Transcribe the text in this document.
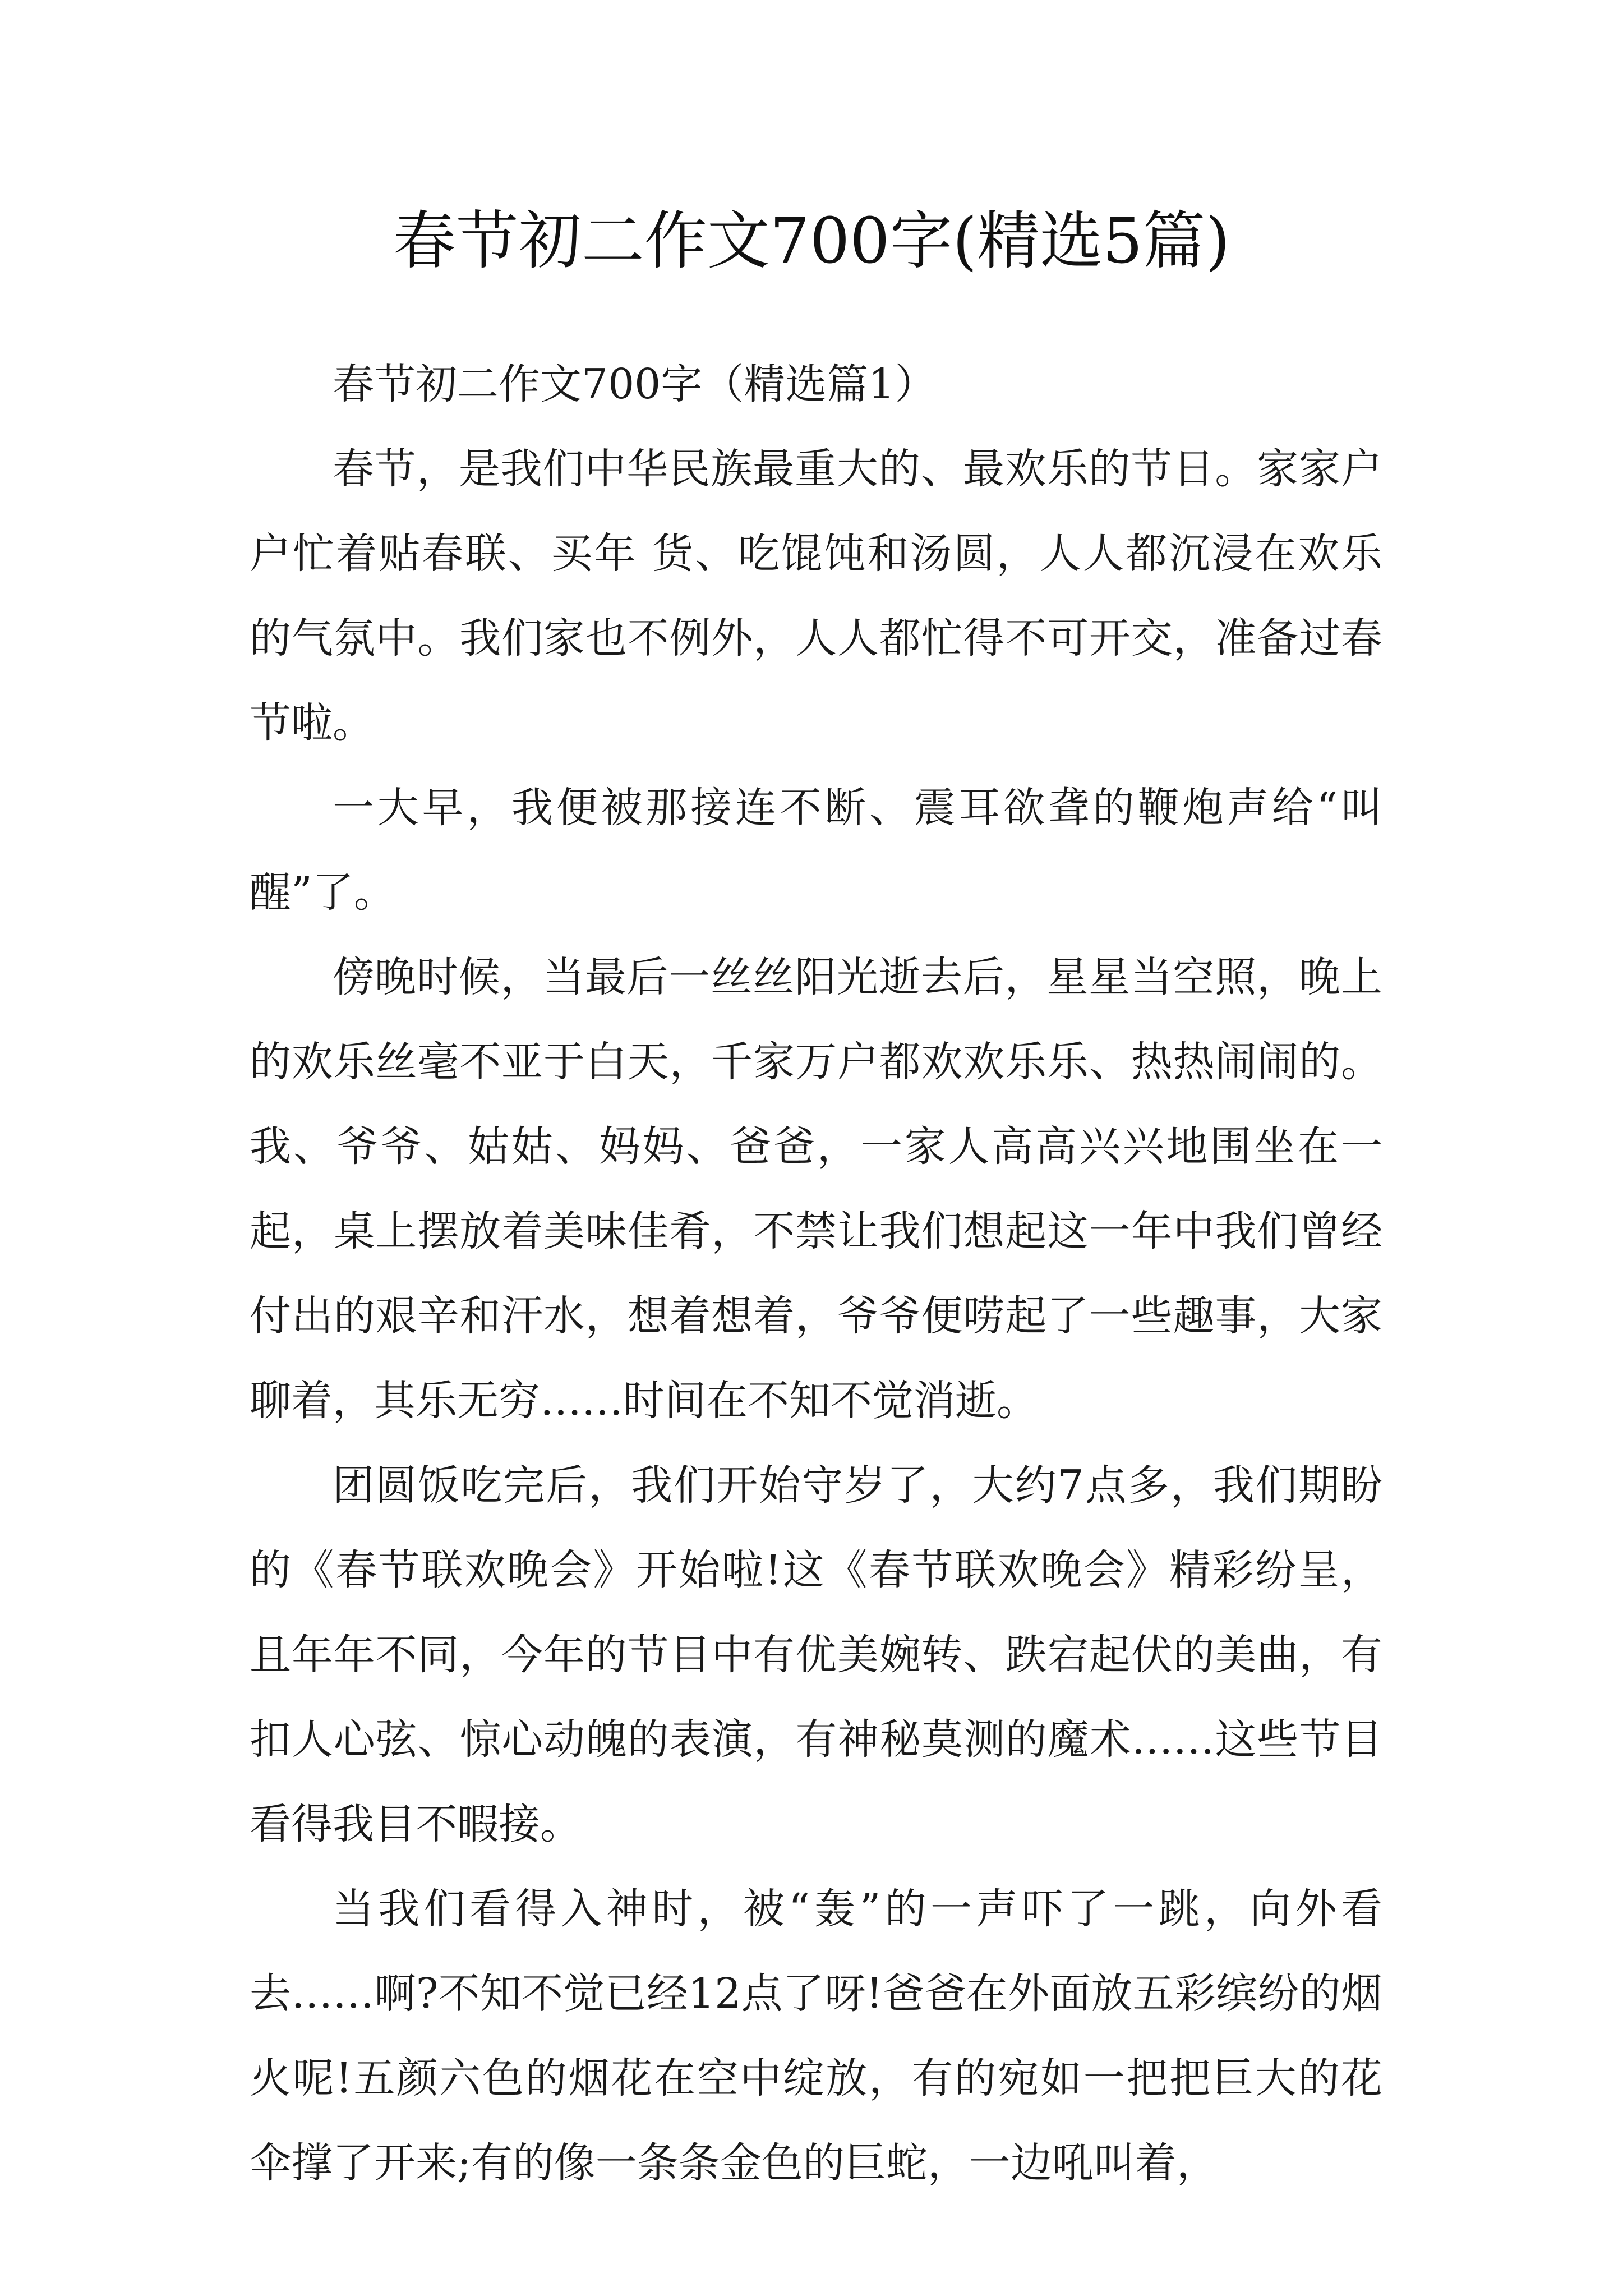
春节初二作文700字(精选5篇)

春节初二作文700字（精选篇1）

春节，是我们中华民族最重大的、最欢乐的节日。家家户户忙着贴春联、买年 货、吃馄饨和汤圆，人人都沉浸在欢乐的气氛中。我们家也不例外，人人都忙得不可开交，准备过春节啦。

一大早，我便被那接连不断、震耳欲聋的鞭炮声给“叫醒”了。

傍晚时候，当最后一丝丝阳光逝去后，星星当空照，晚上的欢乐丝毫不亚于白天，千家万户都欢欢乐乐、热热闹闹的。我、爷爷、姑姑、妈妈、爸爸，一家人高高兴兴地围坐在一起，桌上摆放着美味佳肴，不禁让我们想起这一年中我们曾经付出的艰辛和汗水，想着想着，爷爷便唠起了一些趣事，大家聊着，其乐无穷……时间在不知不觉消逝。

团圆饭吃完后，我们开始守岁了，大约7点多，我们期盼的《春节联欢晚会》开始啦!这《春节联欢晚会》精彩纷呈，且年年不同，今年的节目中有优美婉转、跌宕起伏的美曲，有扣人心弦、惊心动魄的表演，有神秘莫测的魔术……这些节目看得我目不暇接。

当我们看得入神时，被“轰”的一声吓了一跳，向外看去……啊?不知不觉已经12点了呀!爸爸在外面放五彩缤纷的烟火呢!五颜六色的烟花在空中绽放，有的宛如一把把巨大的花伞撑了开来;有的像一条条金色的巨蛇，一边吼叫着，
